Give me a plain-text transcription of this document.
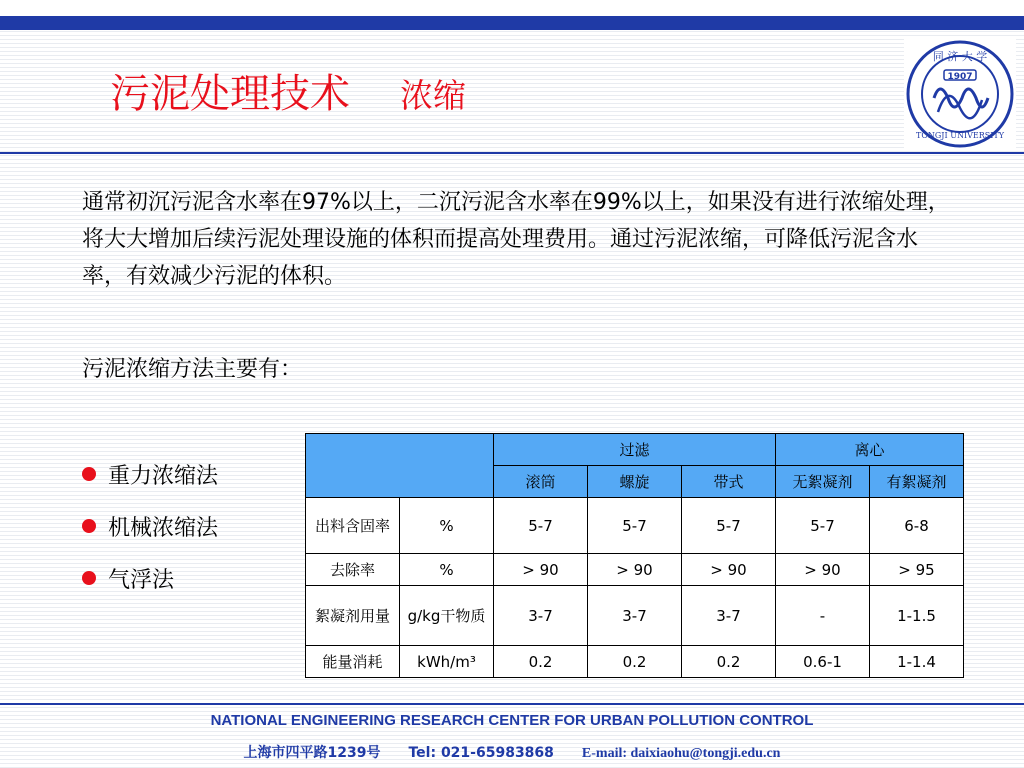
污泥处理技术 浓缩	1907
同 济 大 学
TONGJI UNIVERSITY
通常初沉污泥含水率在97%以上，二沉污泥含水率在99%以上，如果没有进行浓缩处理，将大大增加后续污泥处理设施的体积而提高处理费用。通过污泥浓缩，可降低污泥含水率，有效减少污泥的体积。
污泥浓缩方法主要有：
重力浓缩法
机械浓缩法
气浮法
		过滤			离心	
		滚筒	螺旋	带式	无絮凝剂	有絮凝剂
出料含固率	%	5-7	5-7	5-7	5-7	6-8
去除率	%	> 90	> 90	> 90	> 90	> 95
絮凝剂用量	g/kg干物质	3-7	3-7	3-7	-	1-1.5
能量消耗	kWh/m³	0.2	0.2	0.2	0.6-1	1-1.4
NATIONAL ENGINEERING RESEARCH CENTER FOR URBAN POLLUTION CONTROL
上海市四平路1239号 Tel: 021-65983868 E-mail: daixiaohu@tongji.edu.cn
